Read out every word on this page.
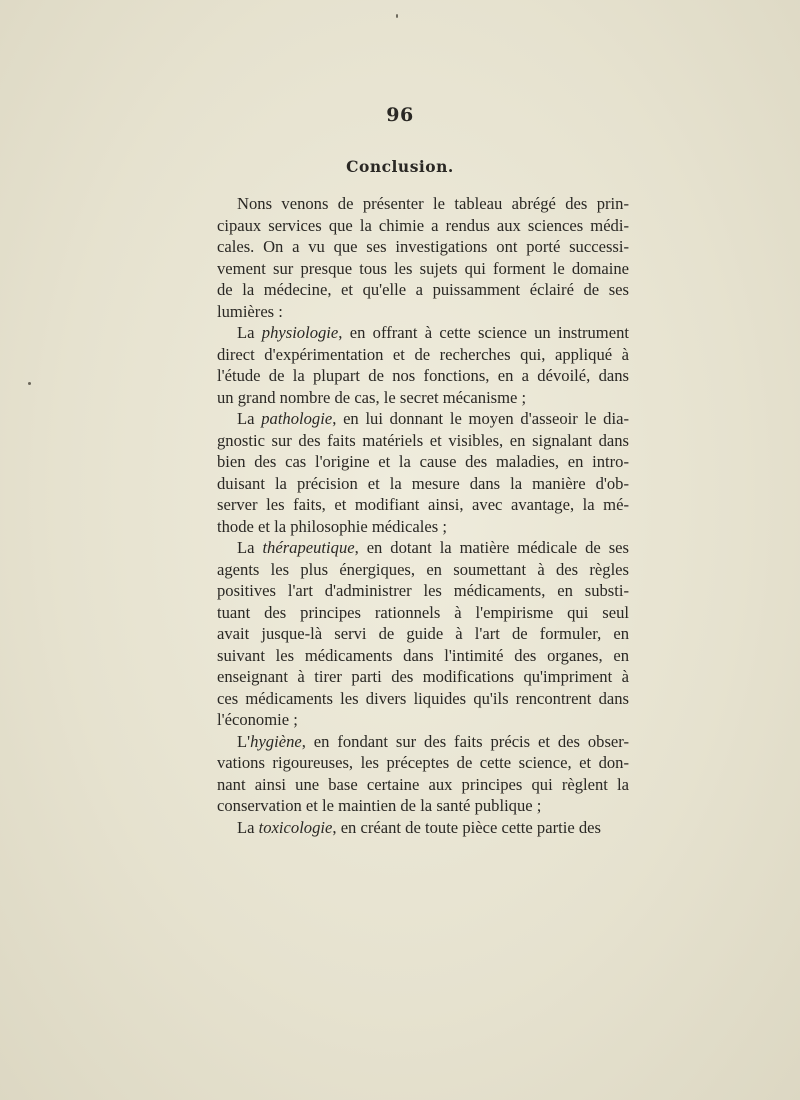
96
Conclusion.
Nons venons de présenter le tableau abrégé des prin-
cipaux services que la chimie a rendus aux sciences médi-
cales. On a vu que ses investigations ont porté successi-
vement sur presque tous les sujets qui forment le domaine
de la médecine, et qu'elle a puissamment éclairé de ses
lumières :
La physiologie, en offrant à cette science un instrument
direct d'expérimentation et de recherches qui, appliqué à
l'étude de la plupart de nos fonctions, en a dévoilé, dans
un grand nombre de cas, le secret mécanisme ;
La pathologie, en lui donnant le moyen d'asseoir le dia-
gnostic sur des faits matériels et visibles, en signalant dans
bien des cas l'origine et la cause des maladies, en intro-
duisant la précision et la mesure dans la manière d'ob-
server les faits, et modifiant ainsi, avec avantage, la mé-
thode et la philosophie médicales ;
La thérapeutique, en dotant la matière médicale de ses
agents les plus énergiques, en soumettant à des règles
positives l'art d'administrer les médicaments, en substi-
tuant des principes rationnels à l'empirisme qui seul
avait jusque-là servi de guide à l'art de formuler, en
suivant les médicaments dans l'intimité des organes, en
enseignant à tirer parti des modifications qu'impriment à
ces médicaments les divers liquides qu'ils rencontrent dans
l'économie ;
L'hygiène, en fondant sur des faits précis et des obser-
vations rigoureuses, les préceptes de cette science, et don-
nant ainsi une base certaine aux principes qui règlent la
conservation et le maintien de la santé publique ;
La toxicologie, en créant de toute pièce cette partie des
